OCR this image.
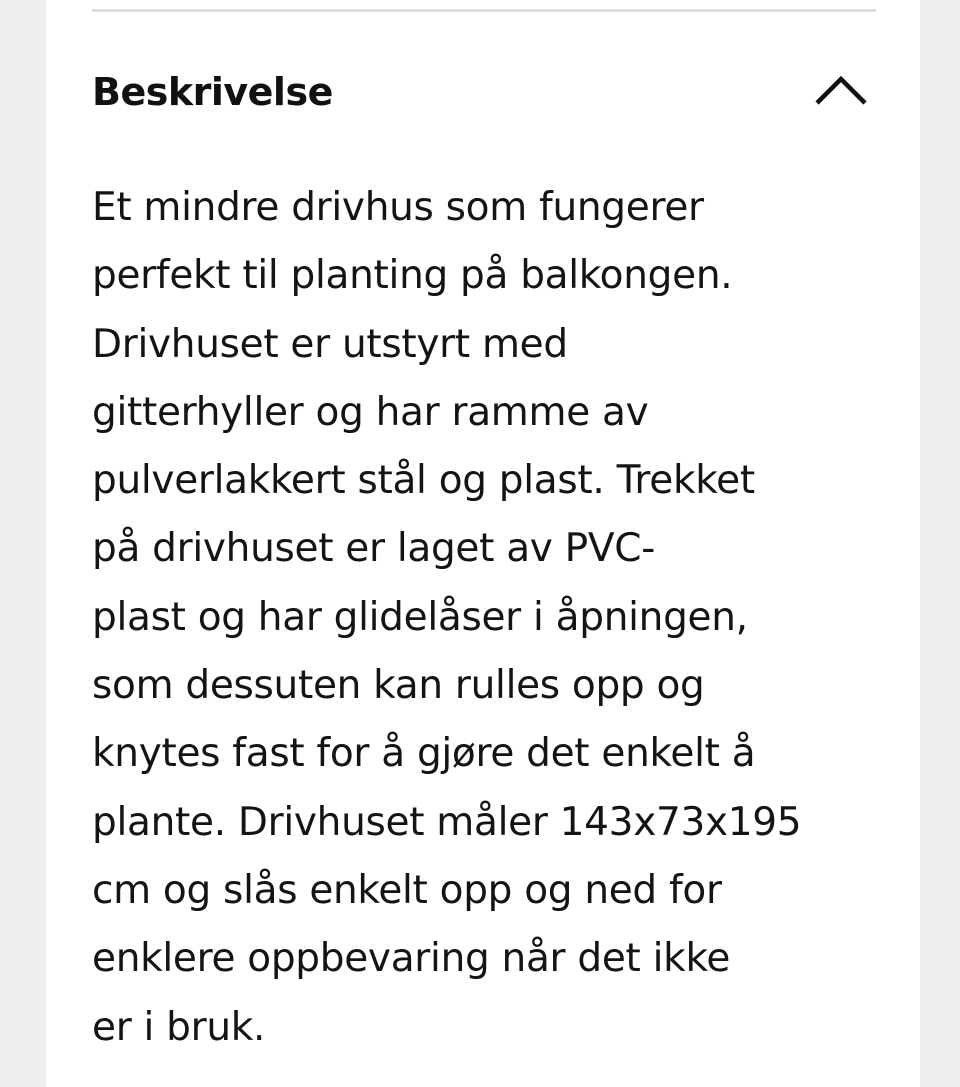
Beskrivelse

Et mindre drivhus som fungerer
perfekt til planting på balkongen.
Drivhuset er utstyrt med
gitterhyller og har ramme av
pulverlakkert stål og plast. Trekket
på drivhuset er laget av PVC-
plast og har glidelåser i åpningen,
som dessuten kan rulles opp og
knytes fast for å gjøre det enkelt å
plante. Drivhuset måler 143x73x195
cm og slås enkelt opp og ned for
enklere oppbevaring når det ikke
er i bruk.
